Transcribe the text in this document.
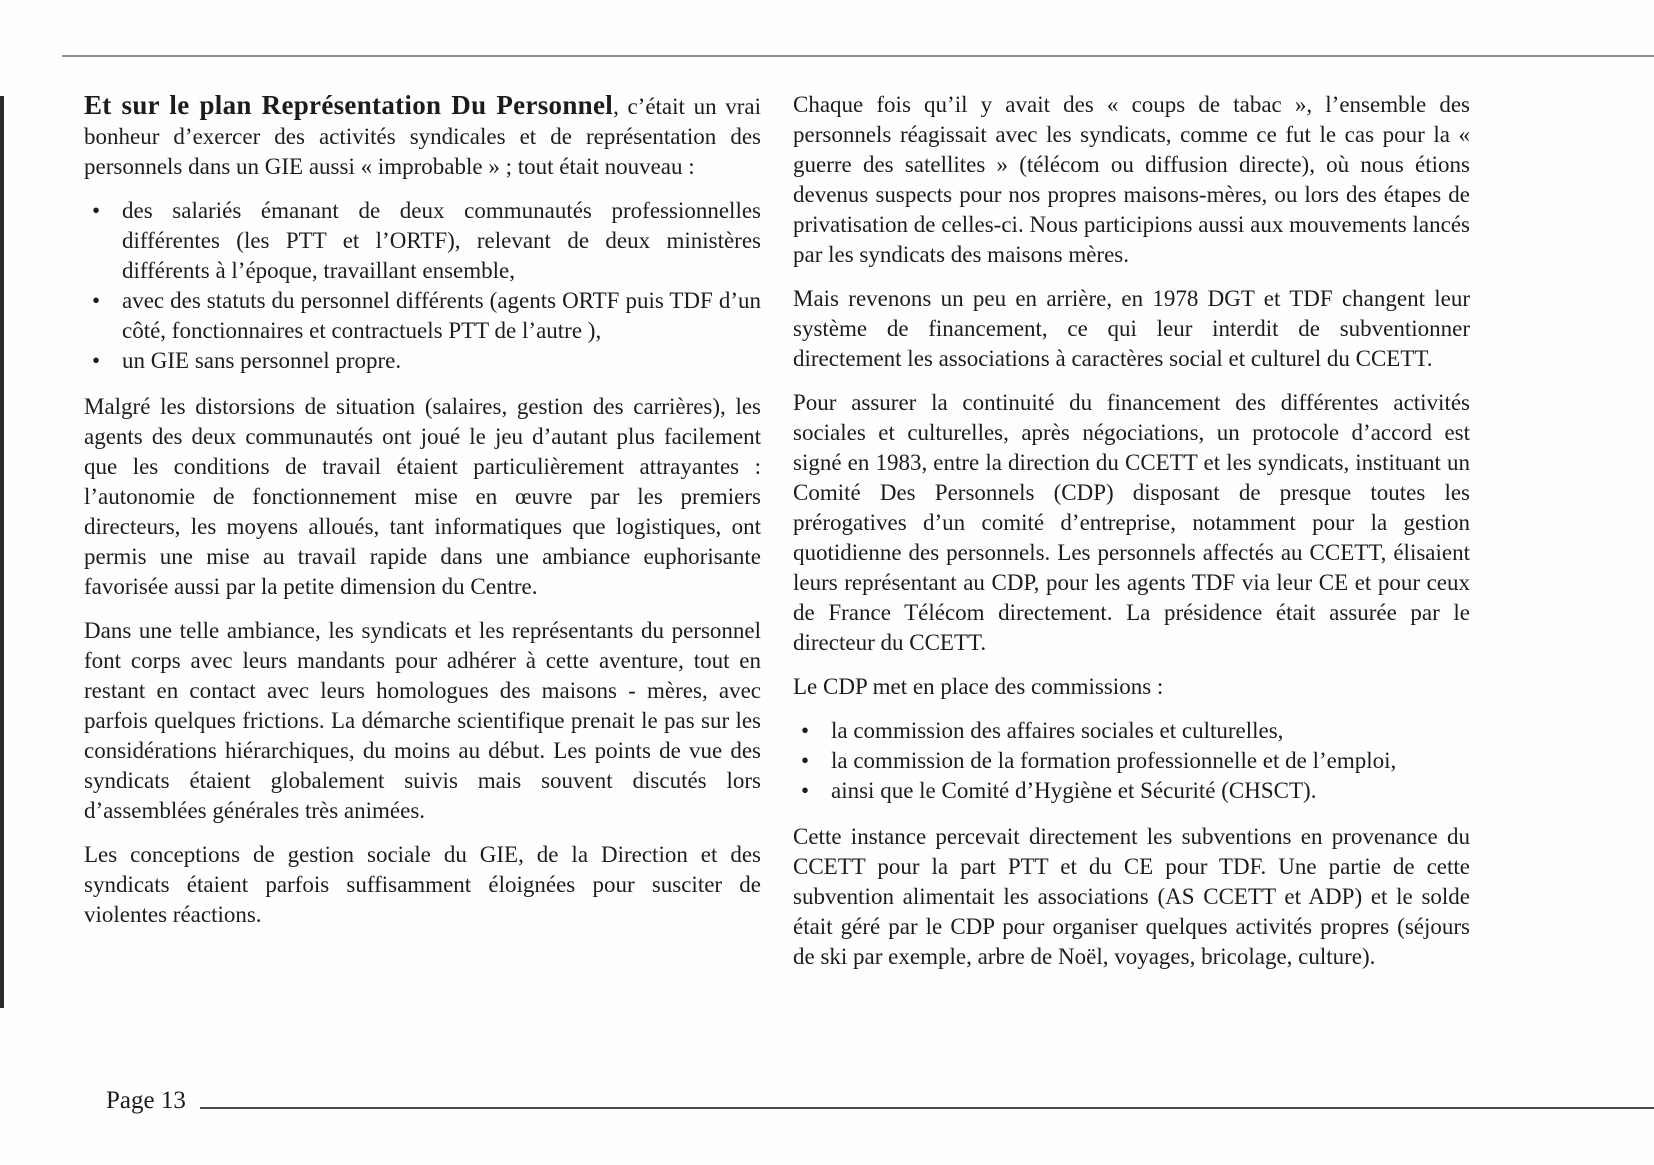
Et sur le plan Représentation Du Personnel, c’était un vrai bonheur d’exercer des activités syndicales et de représentation des personnels dans un GIE aussi « improbable » ; tout était nouveau :

• des salariés émanant de deux communautés professionnelles différentes (les PTT et l’ORTF), relevant de deux ministères différents à l’époque, travaillant ensemble,
• avec des statuts du personnel différents (agents ORTF puis TDF d’un côté, fonctionnaires et contractuels PTT de l’autre ),
• un GIE sans personnel propre.

Malgré les distorsions de situation (salaires, gestion des carrières), les agents des deux communautés ont joué le jeu d’autant plus facilement que les conditions de travail étaient particulièrement attrayantes : l’autonomie de fonctionnement mise en œuvre par les premiers directeurs, les moyens alloués, tant informatiques que logistiques, ont permis une mise au travail rapide dans une ambiance euphorisante favorisée aussi par la petite dimension du Centre.

Dans une telle ambiance, les syndicats et les représentants du personnel font corps avec leurs mandants pour adhérer à cette aventure, tout en restant en contact avec leurs homologues des maisons - mères, avec parfois quelques frictions. La démarche scientifique prenait le pas sur les considérations hiérarchiques, du moins au début. Les points de vue des syndicats étaient globalement suivis mais souvent discutés lors d’assemblées générales très animées.

Les conceptions de gestion sociale du GIE, de la Direction et des syndicats étaient parfois suffisamment éloignées pour susciter de violentes réactions.

Chaque fois qu’il y avait des « coups de tabac », l’ensemble des personnels réagissait avec les syndicats, comme ce fut le cas pour la « guerre des satellites » (télécom ou diffusion directe), où nous étions devenus suspects pour nos propres maisons-mères, ou lors des étapes de privatisation de celles-ci. Nous participions aussi aux mouvements lancés par les syndicats des maisons mères.

Mais revenons un peu en arrière, en 1978 DGT et TDF changent leur système de financement, ce qui leur interdit de subventionner directement les associations à caractères social et culturel du CCETT.

Pour assurer la continuité du financement des différentes activités sociales et culturelles, après négociations, un protocole d’accord est signé en 1983, entre la direction du CCETT et les syndicats, instituant un Comité Des Personnels (CDP) disposant de presque toutes les prérogatives d’un comité d’entreprise, notamment pour la gestion quotidienne des personnels. Les personnels affectés au CCETT, élisaient leurs représentant au CDP, pour les agents TDF via leur CE et pour ceux de France Télécom directement. La présidence était assurée par le directeur du CCETT.

Le CDP met en place des commissions :

• la commission des affaires sociales et culturelles,
• la commission de la formation professionnelle et de l’emploi,
• ainsi que le Comité d’Hygiène et Sécurité (CHSCT).

Cette instance percevait directement les subventions en provenance du CCETT pour la part PTT et du CE pour TDF. Une partie de cette subvention alimentait les associations (AS CCETT et ADP) et le solde était géré par le CDP pour organiser quelques activités propres (séjours de ski par exemple, arbre de Noël, voyages, bricolage, culture).

Page 13
